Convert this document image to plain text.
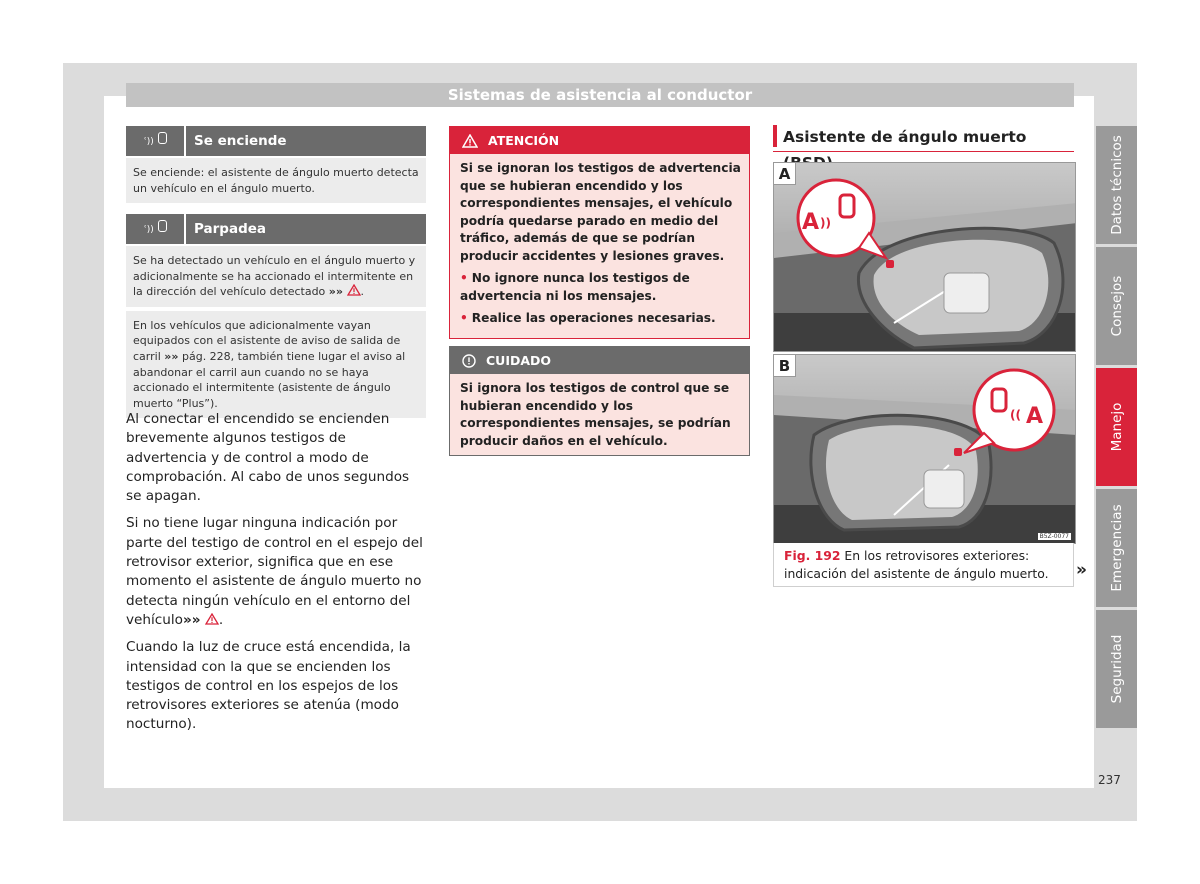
Sistemas de asistencia al conductor
ʿ))	Se enciende
Se enciende: el asistente de ángulo muerto detecta un vehículo en el ángulo muerto.
ʿ))	Parpadea
Se ha detectado un vehículo en el ángulo muerto y adicionalmente se ha accionado el intermitente en la dirección del vehículo detectado »» .
En los vehículos que adicionalmente vayan equipados con el asistente de aviso de salida de carril »» pág. 228, también tiene lugar el aviso al abandonar el carril aun cuando no se haya accionado el intermitente (asistente de ángulo muerto “Plus”).

Al conectar el encendido se encienden brevemente algunos testigos de advertencia y de control a modo de comprobación. Al cabo de unos segundos se apagan.

Si no tiene lugar ninguna indicación por parte del testigo de control en el espejo del retrovisor exterior, significa que en ese momento el asistente de ángulo muerto no detecta ningún vehículo en el entorno del vehículo»» .

Cuando la luz de cruce está encendida, la intensidad con la que se encienden los testigos de control en los espejos de los retrovisores exteriores se atenúa (modo nocturno).

ATENCIÓN

Si se ignoran los testigos de advertencia que se hubieran encendido y los correspondientes mensajes, el vehículo podría quedarse parado en medio del tráfico, además de que se podrían producir accidentes y lesiones graves.

• No ignore nunca los testigos de advertencia ni los mensajes.

• Realice las operaciones necesarias.

CUIDADO

Si ignora los testigos de control que se hubieran encendido y los correspondientes mensajes, se podrían producir daños en el vehículo.

Asistente de ángulo muerto
A
A ))
B
(( A
B5Z-0077
Fig. 192 En los retrovisores exteriores: indicación del asistente de ángulo muerto.	»
Datos técnicos
Consejos
Manejo
Emergencias
Seguridad
237
